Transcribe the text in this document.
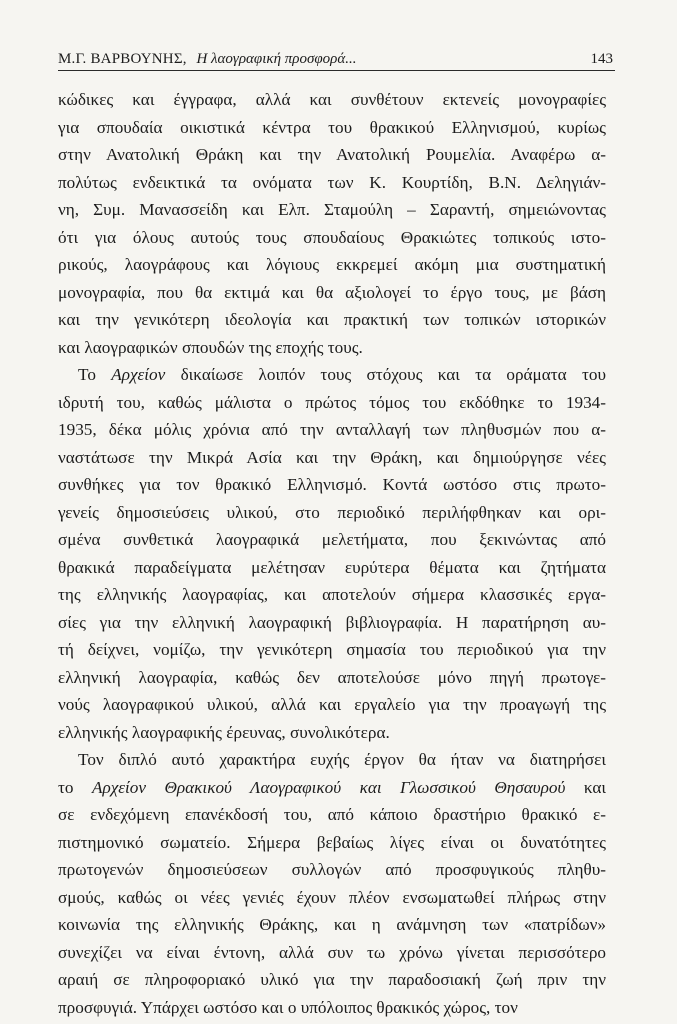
Μ.Γ. ΒΑΡΒΟΥΝΗΣ, Η λαογραφική προσφορά...	143
κώδικες και έγγραφα, αλλά και συνθέτουν εκτενείς μονογραφίες
για σπουδαία οικιστικά κέντρα του θρακικού Ελληνισμού, κυρίως
στην Ανατολική Θράκη και την Ανατολική Ρουμελία. Αναφέρω α-
πολύτως ενδεικτικά τα ονόματα των Κ. Κουρτίδη, Β.Ν. Δεληγιάν-
νη, Συμ. Μανασσείδη και Ελπ. Σταμούλη – Σαραντή, σημειώνοντας
ότι για όλους αυτούς τους σπουδαίους Θρακιώτες τοπικούς ιστο-
ρικούς, λαογράφους και λόγιους εκκρεμεί ακόμη μια συστηματική
μονογραφία, που θα εκτιμά και θα αξιολογεί το έργο τους, με βάση
και την γενικότερη ιδεολογία και πρακτική των τοπικών ιστορικών
και λαογραφικών σπουδών της εποχής τους.
Το Αρχείον δικαίωσε λοιπόν τους στόχους και τα οράματα του
ιδρυτή του, καθώς μάλιστα ο πρώτος τόμος του εκδόθηκε το 1934-
1935, δέκα μόλις χρόνια από την ανταλλαγή των πληθυσμών που α-
ναστάτωσε την Μικρά Ασία και την Θράκη, και δημιούργησε νέες
συνθήκες για τον θρακικό Ελληνισμό. Κοντά ωστόσο στις πρωτο-
γενείς δημοσιεύσεις υλικού, στο περιοδικό περιλήφθηκαν και ορι-
σμένα συνθετικά λαογραφικά μελετήματα, που ξεκινώντας από
θρακικά παραδείγματα μελέτησαν ευρύτερα θέματα και ζητήματα
της ελληνικής λαογραφίας, και αποτελούν σήμερα κλασσικές εργα-
σίες για την ελληνική λαογραφική βιβλιογραφία. Η παρατήρηση αυ-
τή δείχνει, νομίζω, την γενικότερη σημασία του περιοδικού για την
ελληνική λαογραφία, καθώς δεν αποτελούσε μόνο πηγή πρωτογε-
νούς λαογραφικού υλικού, αλλά και εργαλείο για την προαγωγή της
ελληνικής λαογραφικής έρευνας, συνολικότερα.
Τον διπλό αυτό χαρακτήρα ευχής έργον θα ήταν να διατηρήσει
το Αρχείον Θρακικού Λαογραφικού και Γλωσσικού Θησαυρού και
σε ενδεχόμενη επανέκδοσή του, από κάποιο δραστήριο θρακικό ε-
πιστημονικό σωματείο. Σήμερα βεβαίως λίγες είναι οι δυνατότητες
πρωτογενών δημοσιεύσεων συλλογών από προσφυγικούς πληθυ-
σμούς, καθώς οι νέες γενιές έχουν πλέον ενσωματωθεί πλήρως στην
κοινωνία της ελληνικής Θράκης, και η ανάμνηση των «πατρίδων»
συνεχίζει να είναι έντονη, αλλά συν τω χρόνω γίνεται περισσότερο
αραιή σε πληροφοριακό υλικό για την παραδοσιακή ζωή πριν την
προσφυγιά. Υπάρχει ωστόσο και ο υπόλοιπος θρακικός χώρος, τον
